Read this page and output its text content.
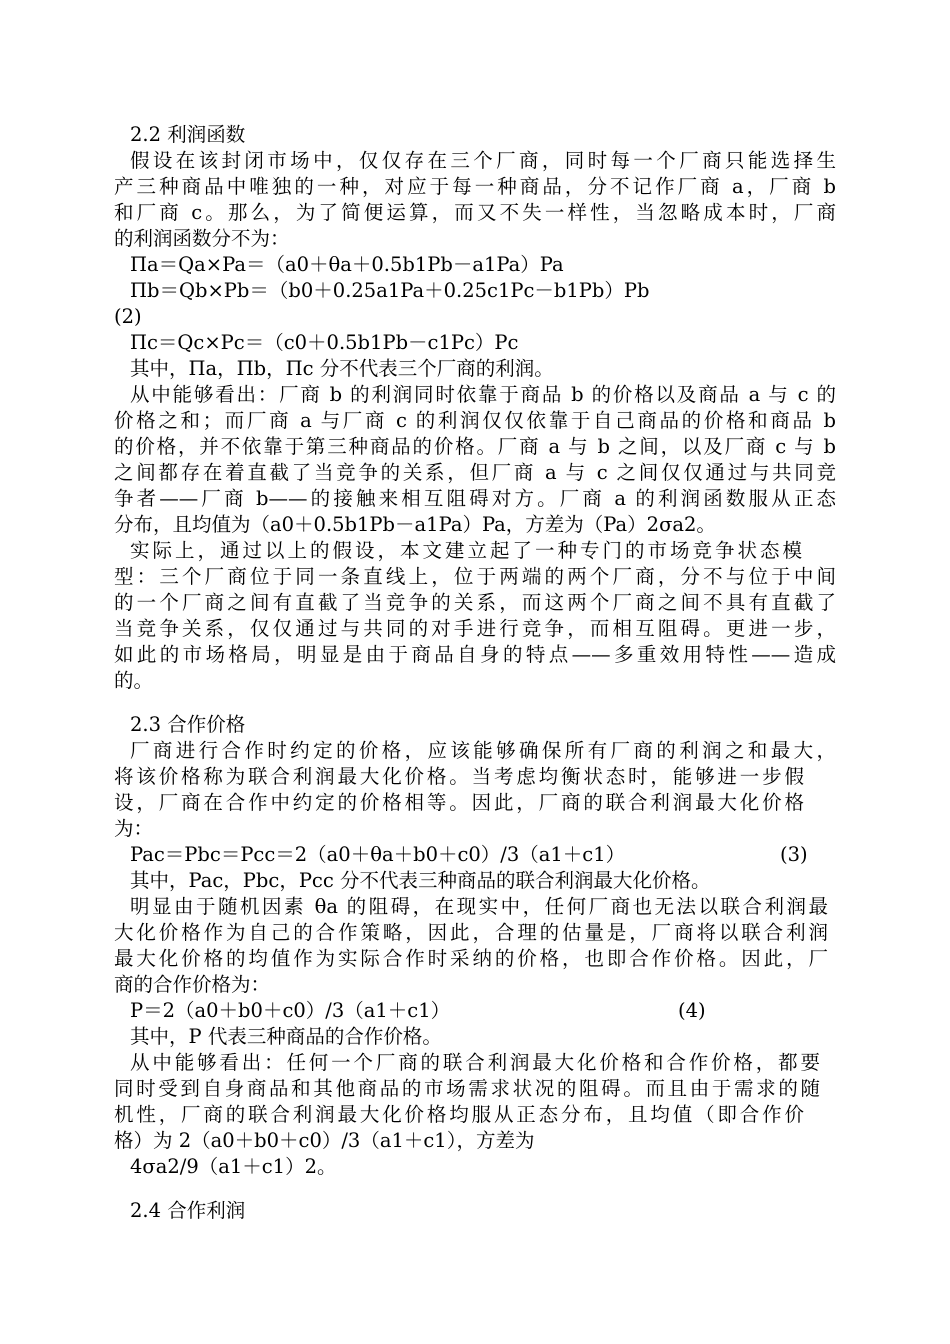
2.2 利润函数
假设在该封闭市场中，仅仅存在三个厂商，同时每一个厂商只能选择生
产三种商品中唯独的一种，对应于每一种商品，分不记作厂商 a，厂商 b
和厂商 c。那么，为了简便运算，而又不失一样性，当忽略成本时，厂商
的利润函数分不为：
Πa＝Qa×Pa＝（a0＋θa＋0.5b1Pb－a1Pa）Pa
Πb＝Qb×Pb＝（b0＋0.25a1Pa＋0.25c1Pc－b1Pb）Pb
(2)
Πc＝Qc×Pc＝（c0＋0.5b1Pb－c1Pc）Pc
其中，Πa，Πb，Πc 分不代表三个厂商的利润。
从中能够看出：厂商 b 的利润同时依靠于商品 b 的价格以及商品 a 与 c 的
价格之和；而厂商 a 与厂商 c 的利润仅仅依靠于自己商品的价格和商品 b
的价格，并不依靠于第三种商品的价格。厂商 a 与 b 之间，以及厂商 c 与 b
之间都存在着直截了当竞争的关系，但厂商 a 与 c 之间仅仅通过与共同竞
争者——厂商 b——的接触来相互阻碍对方。厂商 a 的利润函数服从正态
分布，且均值为（a0＋0.5b1Pb－a1Pa）Pa，方差为（Pa）2σa2。
实际上，通过以上的假设，本文建立起了一种专门的市场竞争状态模
型：三个厂商位于同一条直线上，位于两端的两个厂商，分不与位于中间
的一个厂商之间有直截了当竞争的关系，而这两个厂商之间不具有直截了
当竞争关系，仅仅通过与共同的对手进行竞争，而相互阻碍。更进一步，
如此的市场格局，明显是由于商品自身的特点——多重效用特性——造成
的。
2.3 合作价格
厂商进行合作时约定的价格，应该能够确保所有厂商的利润之和最大，
将该价格称为联合利润最大化价格。当考虑均衡状态时，能够进一步假
设，厂商在合作中约定的价格相等。因此，厂商的联合利润最大化价格
为：
Pac＝Pbc＝Pcc＝2（a0＋θa＋b0＋c0）/3（a1＋c1）	(3)
其中，Pac，Pbc，Pcc 分不代表三种商品的联合利润最大化价格。
明显由于随机因素 θa 的阻碍，在现实中，任何厂商也无法以联合利润最
大化价格作为自己的合作策略，因此，合理的估量是，厂商将以联合利润
最大化价格的均值作为实际合作时采纳的价格，也即合作价格。因此，厂
商的合作价格为：
P＝2（a0＋b0＋c0）/3（a1＋c1）	(4)
其中，P 代表三种商品的合作价格。
从中能够看出：任何一个厂商的联合利润最大化价格和合作价格，都要
同时受到自身商品和其他商品的市场需求状况的阻碍。而且由于需求的随
机性，厂商的联合利润最大化价格均服从正态分布，且均值（即合作价
格）为 2（a0＋b0＋c0）/3（a1＋c1），方差为
4σa2/9（a1＋c1）2。
2.4 合作利润
